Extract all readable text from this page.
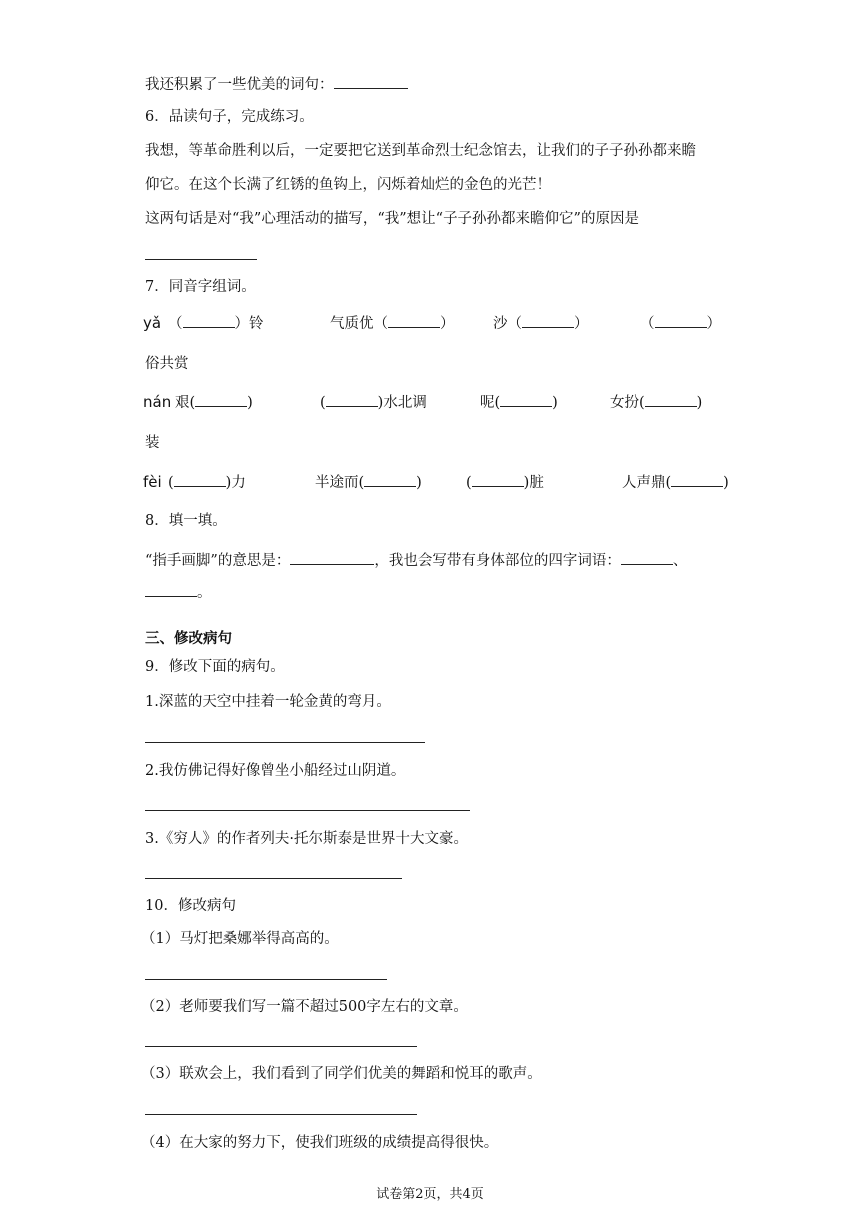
我还积累了一些优美的词句：
6．品读句子，完成练习。
我想，等革命胜利以后，一定要把它送到革命烈士纪念馆去，让我们的子子孙孙都来瞻
仰它。在这个长满了红锈的鱼钩上，闪烁着灿烂的金色的光芒！
这两句话是对“我”心理活动的描写，“我”想让“子子孙孙都来瞻仰它”的原因是
7．同音字组词。
yǎ （	）铃	气质优（	）	沙（	）	（	）
俗共赏
nán 艰(	)	(	)水北调	呢(	)	女扮(	)
装
fèi (	)力	半途而(	)	(	)脏	人声鼎(	)
8．填一填。
“指手画脚”的意思是：	，我也会写带有身体部位的四字词语：	、
。
三、修改病句
9．修改下面的病句。
1.深蓝的天空中挂着一轮金黄的弯月。
2.我仿佛记得好像曾坐小船经过山阴道。
3.《穷人》的作者列夫·托尔斯泰是世界十大文豪。
10．修改病句
（1）马灯把桑娜举得高高的。
（2）老师要我们写一篇不超过500字左右的文章。
（3）联欢会上，我们看到了同学们优美的舞蹈和悦耳的歌声。
（4）在大家的努力下，使我们班级的成绩提高得很快。
试卷第2页，共4页
